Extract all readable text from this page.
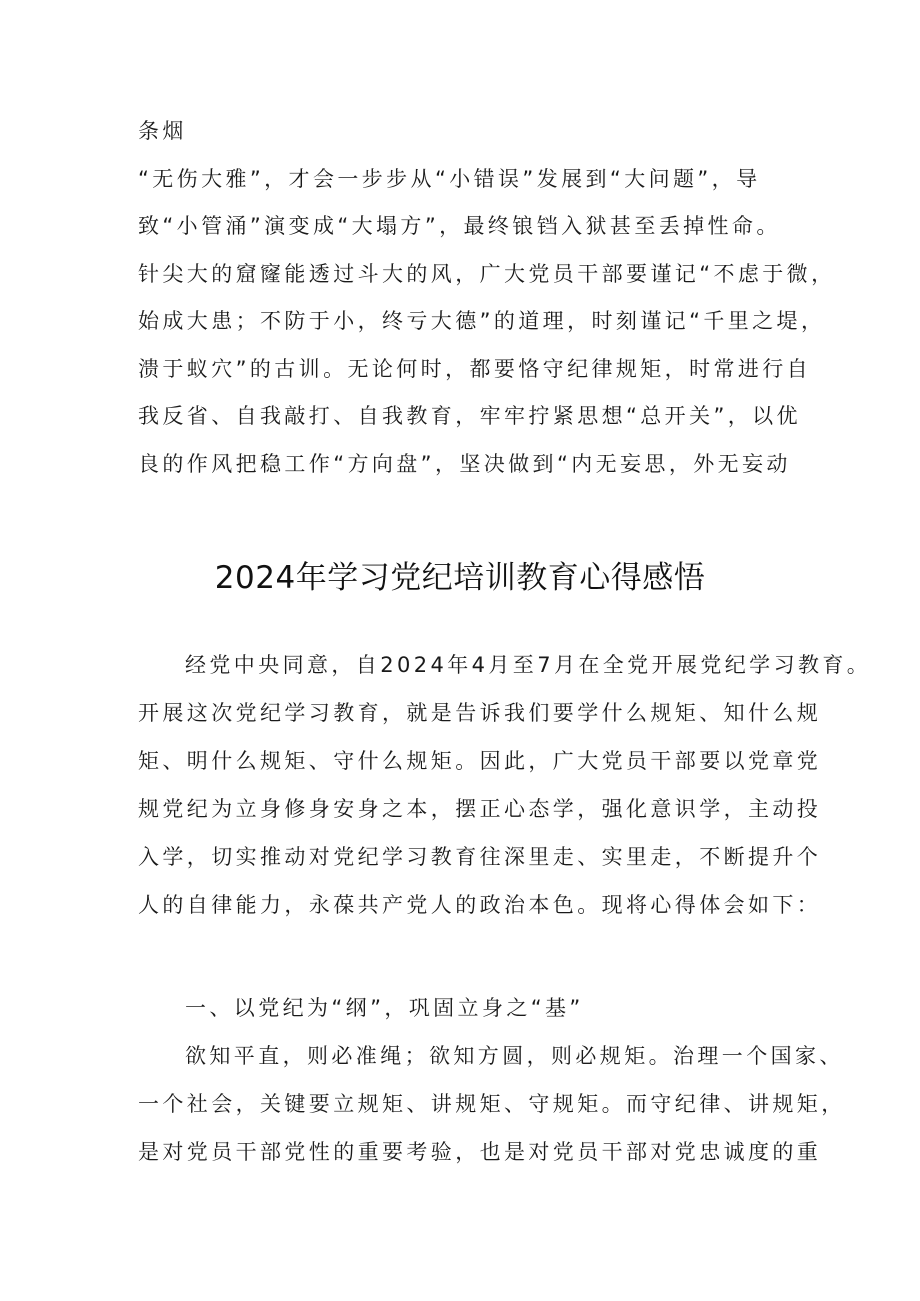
条烟
“无伤大雅”，才会一步步从“小错误”发展到“大问题”，导
致“小管涌”演变成“大塌方”，最终锒铛入狱甚至丢掉性命。
针尖大的窟窿能透过斗大的风，广大党员干部要谨记“不虑于微，
始成大患；不防于小，终亏大德”的道理，时刻谨记“千里之堤，
溃于蚁穴”的古训。无论何时，都要恪守纪律规矩，时常进行自
我反省、自我敲打、自我教育，牢牢拧紧思想“总开关”，以优
良的作风把稳工作“方向盘”，坚决做到“内无妄思，外无妄动
2024年学习党纪培训教育心得感悟
经党中央同意，自2024年4月至7月在全党开展党纪学习教育。
开展这次党纪学习教育，就是告诉我们要学什么规矩、知什么规
矩、明什么规矩、守什么规矩。因此，广大党员干部要以党章党
规党纪为立身修身安身之本，摆正心态学，强化意识学，主动投
入学，切实推动对党纪学习教育往深里走、实里走，不断提升个
人的自律能力，永葆共产党人的政治本色。现将心得体会如下：
一、以党纪为“纲”，巩固立身之“基”
欲知平直，则必准绳；欲知方圆，则必规矩。治理一个国家、
一个社会，关键要立规矩、讲规矩、守规矩。而守纪律、讲规矩，
是对党员干部党性的重要考验，也是对党员干部对党忠诚度的重
